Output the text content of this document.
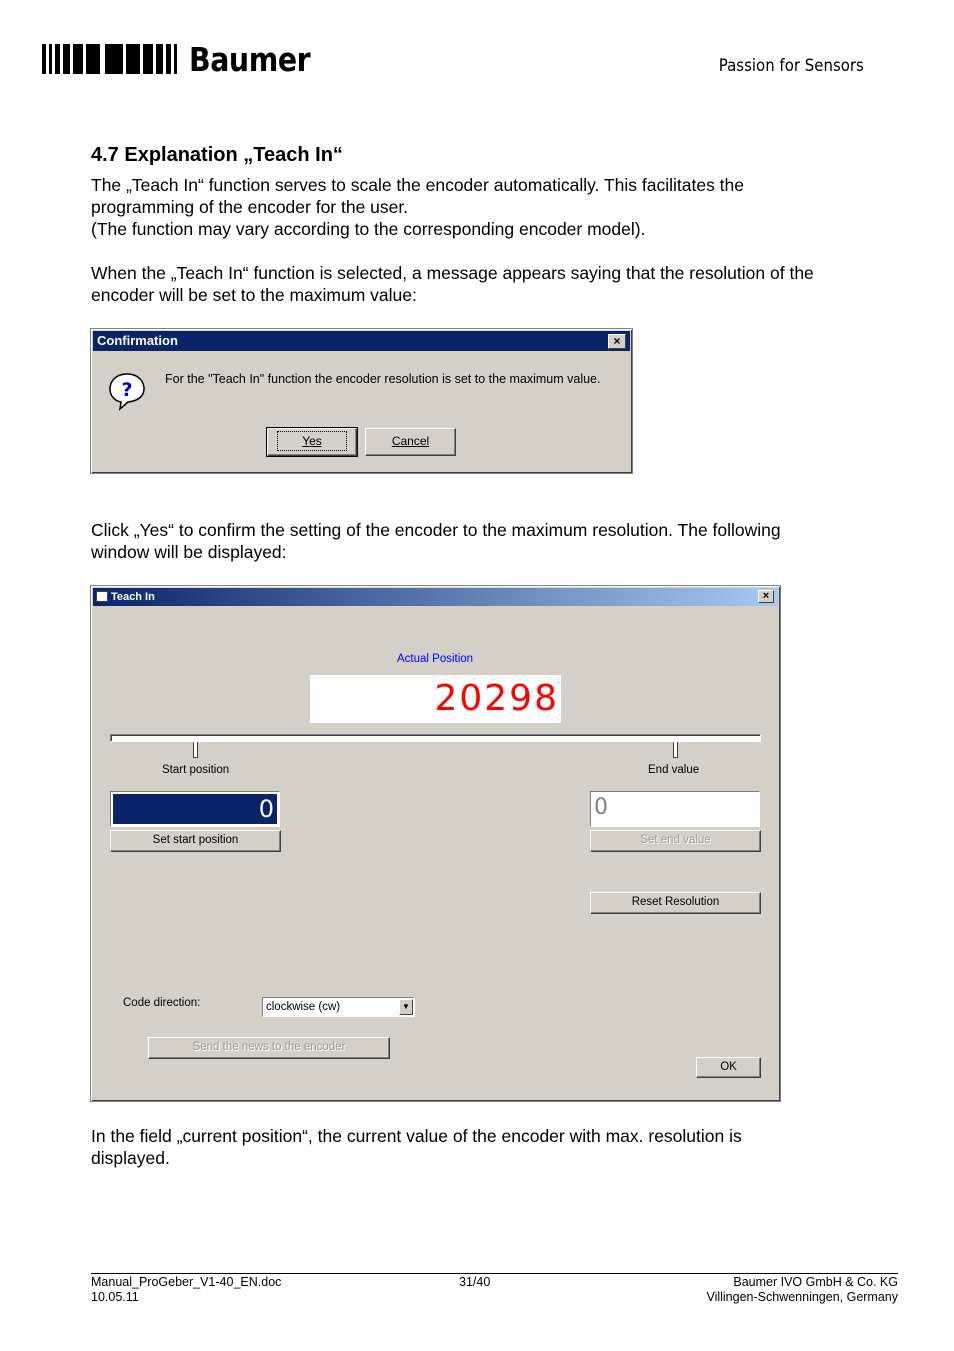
Baumer	Passion for Sensors
4.7 Explanation „Teach In“
The „Teach In“ function serves to scale the encoder automatically. This facilitates the
programming of the encoder for the user.
(The function may vary according to the corresponding encoder model).
When the „Teach In“ function is selected, a message appears saying that the resolution of the
encoder will be set to the maximum value:
Confirmation	×
?	For the "Teach In" function the encoder resolution is set to the maximum value.
Yes	Cancel
Click „Yes“ to confirm the setting of the encoder to the maximum resolution. The following
window will be displayed:
Teach In	×
Actual Position
20298
Start position	End value
0	0
Set start position	Set end value
Reset Resolution
Code direction:	clockwise (cw)	▼
Send the news to the encoder
OK
In the field „current position“, the current value of the encoder with max. resolution is
displayed.
Manual_ProGeber_V1-40_EN.doc
10.05.11
31/40	Baumer IVO GmbH & Co. KG
Villingen-Schwenningen, Germany
